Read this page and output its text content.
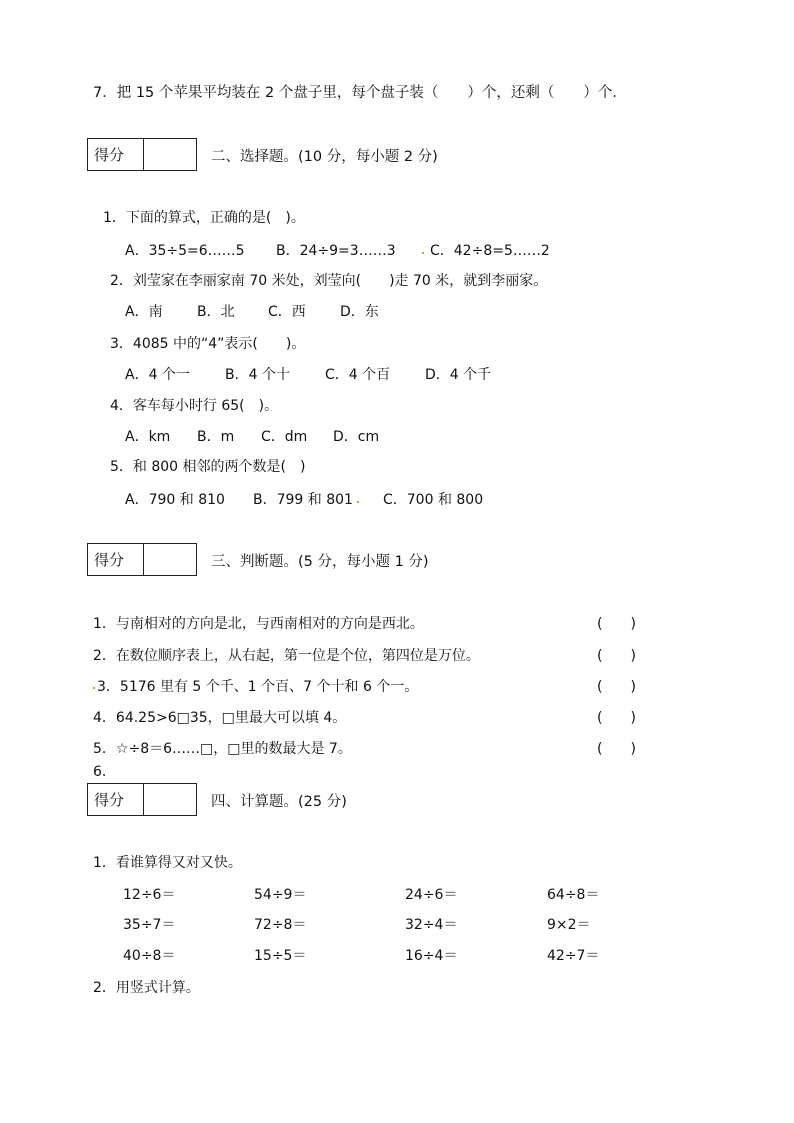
7．把 15 个苹果平均装在 2 个盘子里，每个盘子装（　　）个，还剩（　　）个．
得分	二、选择题。(10 分，每小题 2 分)
1．下面的算式，正确的是(　)。
A．35÷5=6……5 B．24÷9=3……3 C．42÷8=5……2
2．刘莹家在李丽家南 70 米处，刘莹向(　　)走 70 米，就到李丽家。
A．南 B．北 C．西 D．东
3．4085 中的“4”表示(　　)。
A．4 个一	B．4 个十	C．4 个百 D．4 个千
4．客车每小时行 65(　)。
A．km B．m C．dm D．cm
5．和 800 相邻的两个数是(　)
A．790 和 810 B．799 和 801 C．700 和 800
得分	三、判断题。(5 分，每小题 1 分)
1．与南相对的方向是北，与西南相对的方向是西北。	(　　)
2．在数位顺序表上，从右起，第一位是个位，第四位是万位。	(　　)
3．5176 里有 5 个千、1 个百、7 个十和 6 个一。	(　　)
4．64.25>6□35，□里最大可以填 4。	(　　)
5．☆÷8＝6……□，□里的数最大是 7。	(　　)
6.
得分	四、计算题。(25 分)
1．看谁算得又对又快。
12÷6＝	54÷9＝	24÷6＝	64÷8＝
35÷7＝	72÷8＝	32÷4＝	9×2＝
40÷8＝	15÷5＝	16÷4＝	42÷7＝
2．用竖式计算。
